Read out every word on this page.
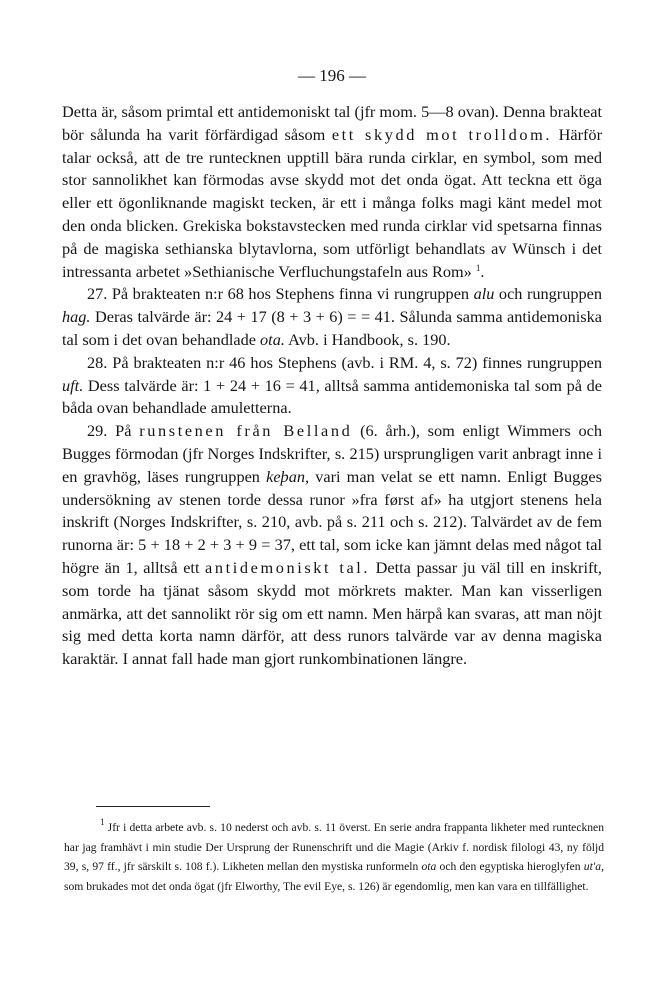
— 196 —

Detta är, såsom primtal ett antidemoniskt tal (jfr mom. 5—8 ovan). Denna brakteat bör sålunda ha varit förfärdigad såsom ett skydd mot trolldom. Härför talar också, att de tre runtecknen upptill bära runda cirklar, en symbol, som med stor sannolikhet kan förmodas avse skydd mot det onda ögat. Att teckna ett öga eller ett ögonliknande magiskt tecken, är ett i många folks magi känt medel mot den onda blicken. Grekiska bokstavstecken med runda cirklar vid spetsarna finnas på de magiska sethianska blytavlorna, som utförligt behandlats av Wünsch i det intressanta arbetet »Sethianische Verfluchungstafeln aus Rom» $^1$.

27. På brakteaten n:r 68 hos Stephens finna vi rungruppen alu och rungruppen hag. Deras talvärde är: 24 + 17 (8 + 3 + 6) = = 41. Sålunda samma antidemoniska tal som i det ovan behandlade ota. Avb. i Handbook, s. 190.

28. På brakteaten n:r 46 hos Stephens (avb. i RM. 4, s. 72) finnes rungruppen uft. Dess talvärde är: 1 + 24 + 16 = 41, alltså samma antidemoniska tal som på de båda ovan behandlade amuletterna.

29. På runstenen från Belland (6. årh.), som enligt Wimmers och Bugges förmodan (jfr Norges Indskrifter, s. 215) ursprungligen varit anbragt inne i en gravhög, läses rungruppen keþan, vari man velat se ett namn. Enligt Bugges undersökning av stenen torde dessa runor »fra først af» ha utgjort stenens hela inskrift (Norges Indskrifter, s. 210, avb. på s. 211 och s. 212). Talvärdet av de fem runorna är: 5 + 18 + 2 + 3 + 9 = 37, ett tal, som icke kan jämnt delas med något tal högre än 1, alltså ett antidemoniskt tal. Detta passar ju väl till en inskrift, som torde ha tjänat såsom skydd mot mörkrets makter. Man kan visserligen anmärka, att det sannolikt rör sig om ett namn. Men härpå kan svaras, att man nöjt sig med detta korta namn därför, att dess runors talvärde var av denna magiska karaktär. I annat fall hade man gjort runkombinationen längre.

$^1$ Jfr i detta arbete avb. s. 10 nederst och avb. s. 11 överst. En serie andra frappanta likheter med runtecknen har jag framhävt i min studie Der Ursprung der Runenschrift und die Magie (Arkiv f. nordisk filologi 43, ny följd 39, s, 97 ff., jfr särskilt s. 108 f.). Likheten mellan den mystiska runformeln ota och den egyptiska hieroglyfen ut'a, som brukades mot det onda ögat (jfr Elworthy, The evil Eye, s. 126) är egendomlig, men kan vara en tillfällighet.
